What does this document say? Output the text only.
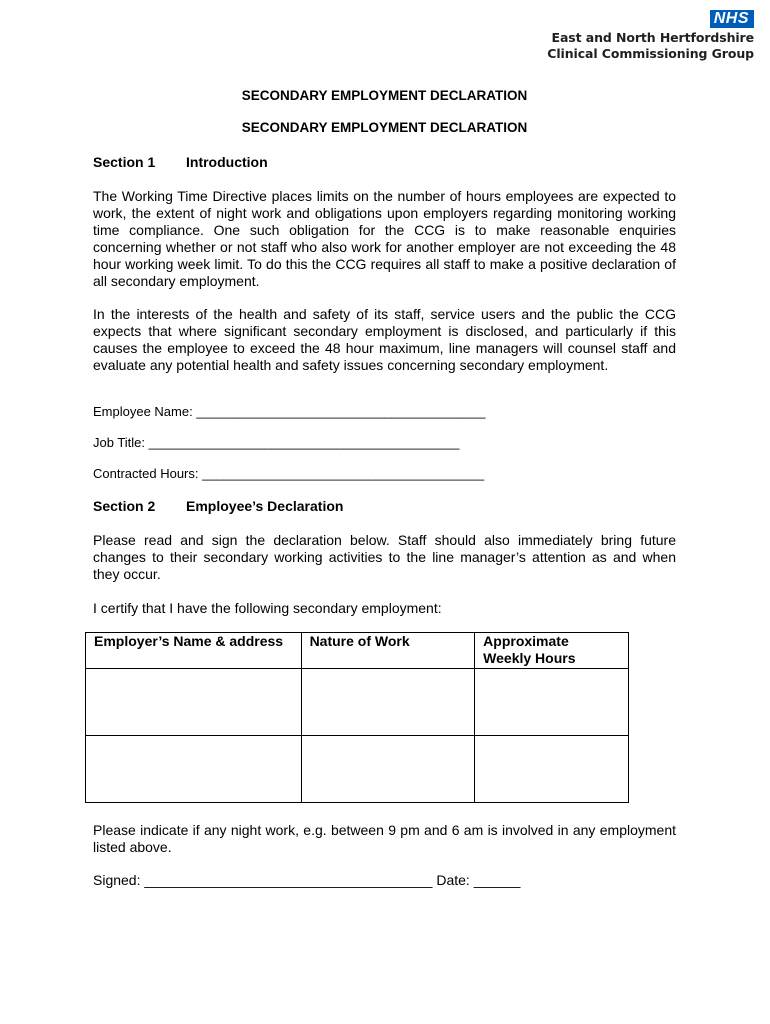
NHS
East and North Hertfordshire
Clinical Commissioning Group
SECONDARY EMPLOYMENT DECLARATION
SECONDARY EMPLOYMENT DECLARATION
Section 1 Introduction
The Working Time Directive places limits on the number of hours employees are expected to work, the extent of night work and obligations upon employers regarding monitoring working time compliance. One such obligation for the CCG is to make reasonable enquiries concerning whether or not staff who also work for another employer are not exceeding the 48 hour working week limit. To do this the CCG requires all staff to make a positive declaration of all secondary employment.
In the interests of the health and safety of its staff, service users and the public the CCG expects that where significant secondary employment is disclosed, and particularly if this causes the employee to exceed the 48 hour maximum, line managers will counsel staff and evaluate any potential health and safety issues concerning secondary employment.
Employee Name: ________________________________________
Job Title: ___________________________________________
Contracted Hours: _______________________________________
Section 2 Employee’s Declaration
Please read and sign the declaration below. Staff should also immediately bring future changes to their secondary working activities to the line manager’s attention as and when they occur.
I certify that I have the following secondary employment:
Employer’s Name & address	Nature of Work	Approximate Weekly Hours

Please indicate if any night work, e.g. between 9 pm and 6 am is involved in any employment listed above.
Signed: _____________________________________ Date: ______
